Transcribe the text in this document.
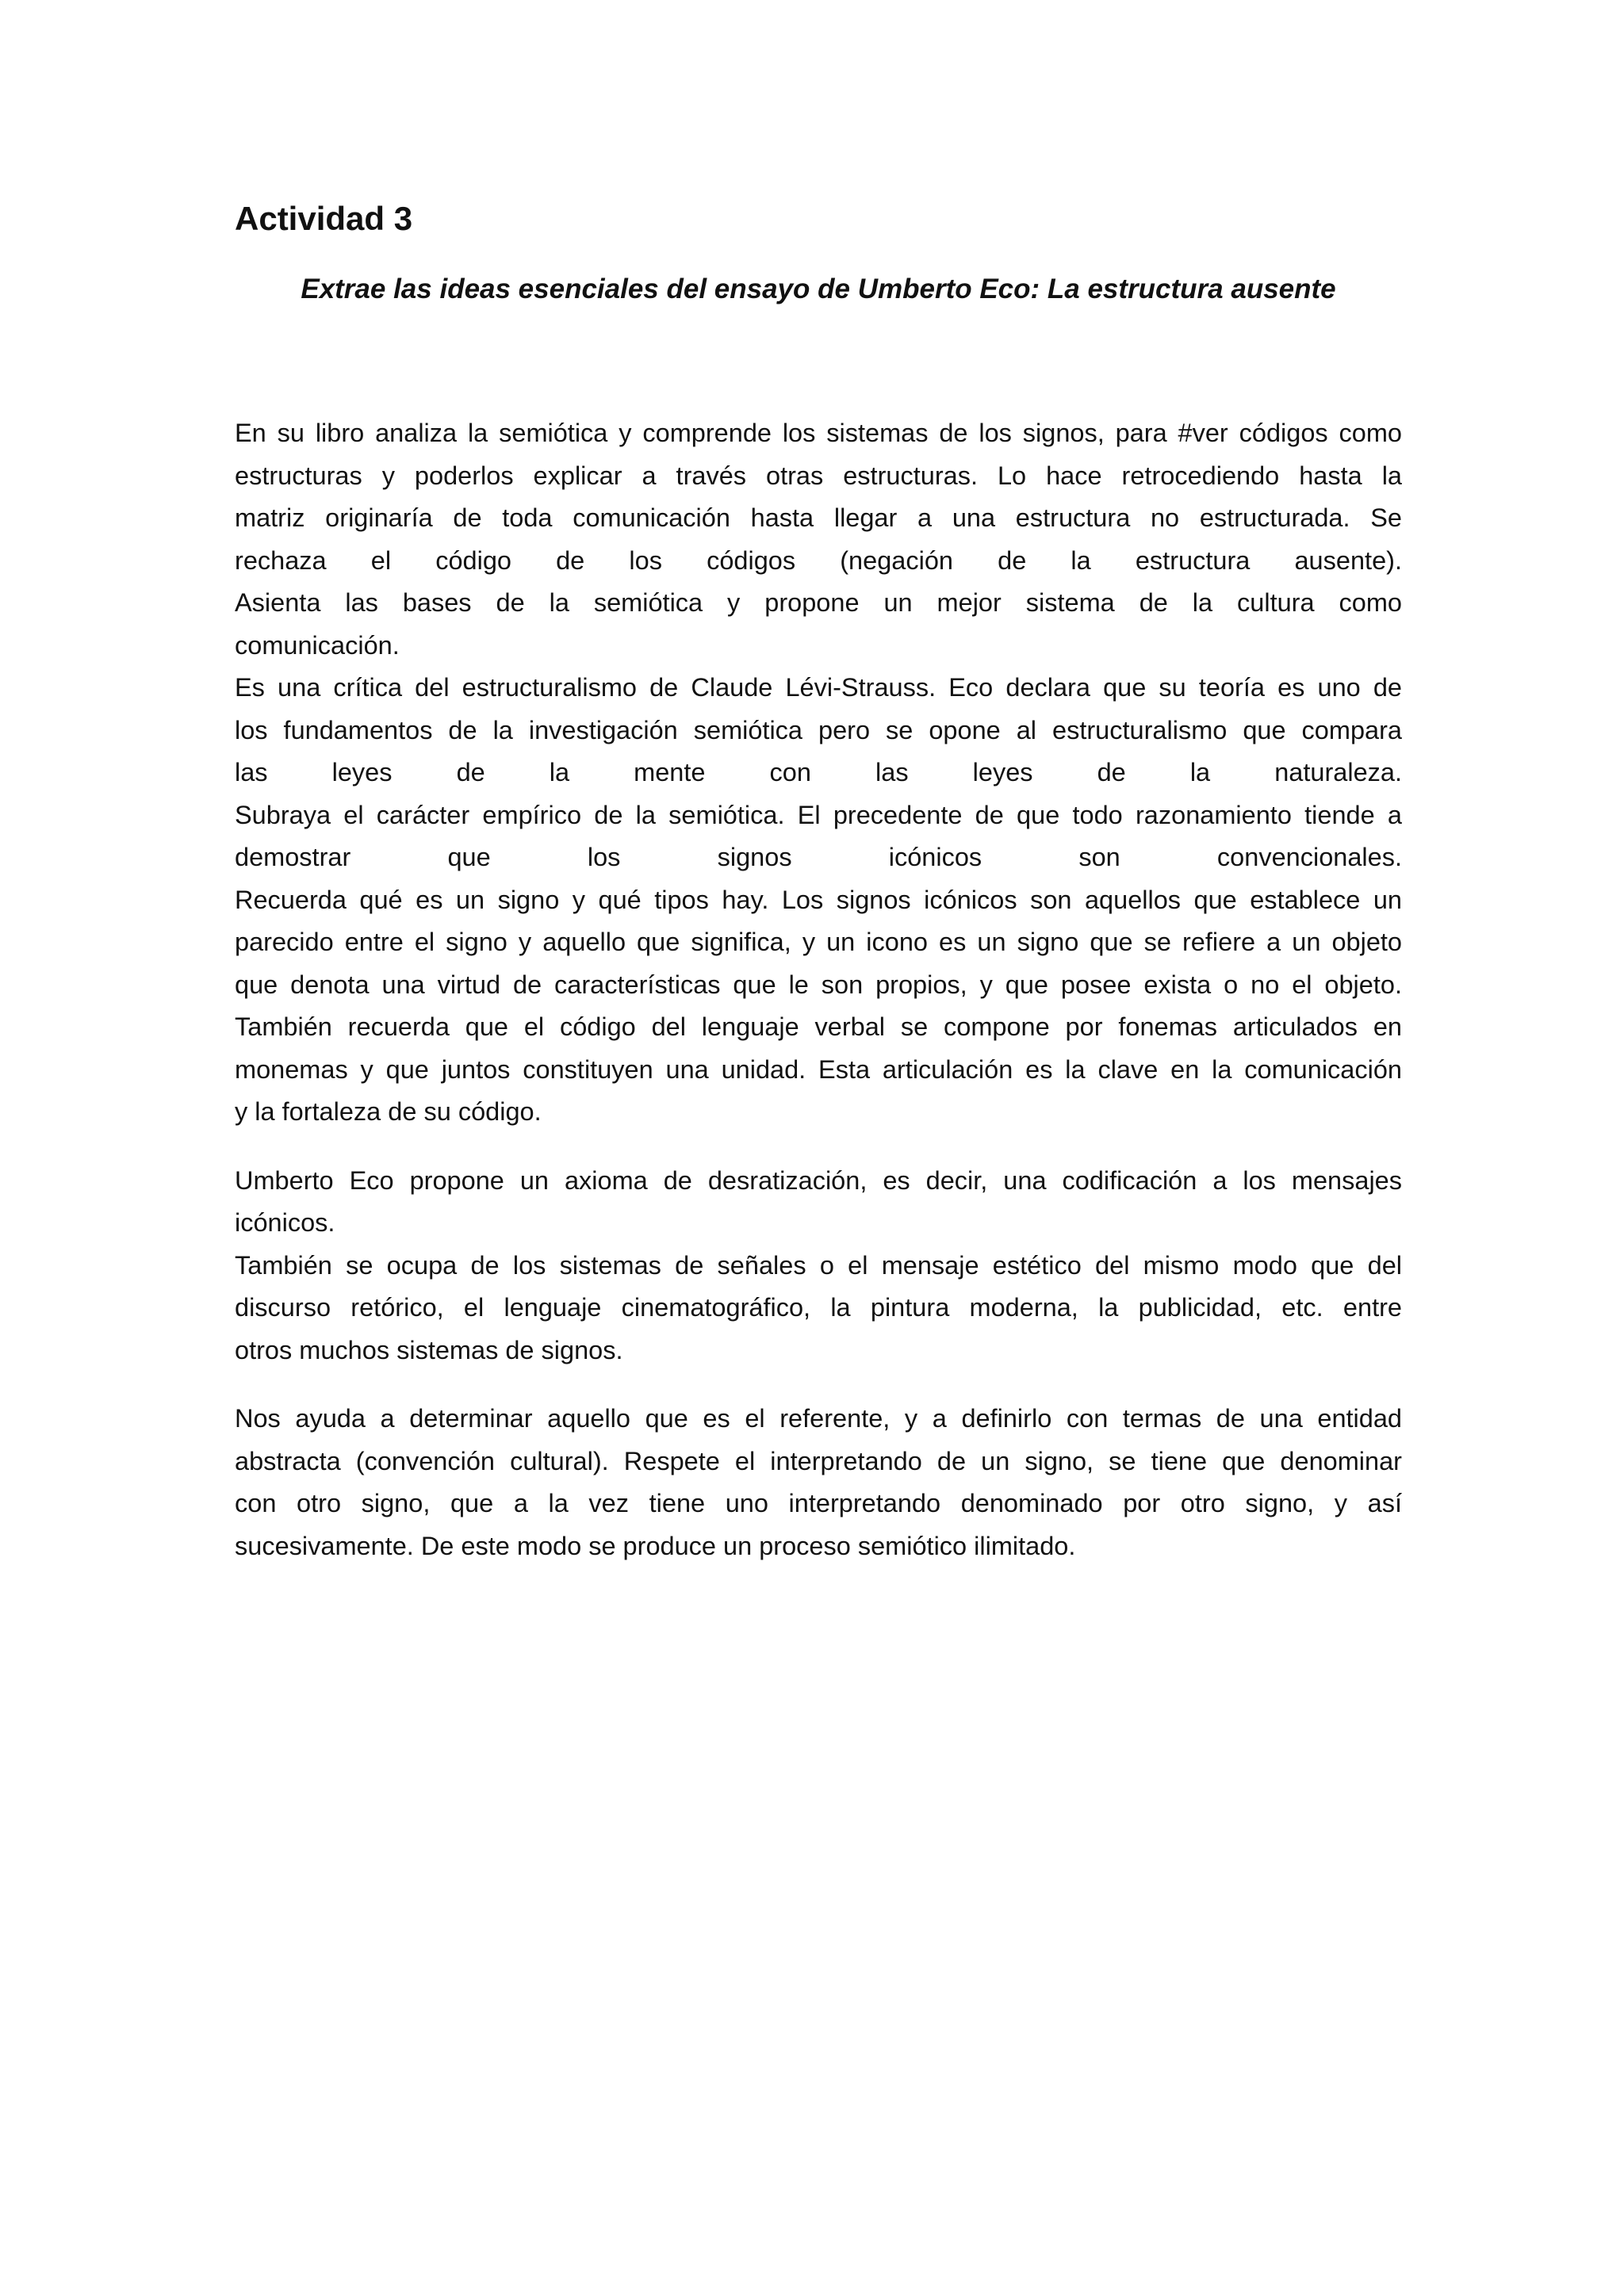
Actividad 3
Extrae las ideas esenciales del ensayo de Umberto Eco: La estructura ausente
En su libro analiza la semiótica y comprende los sistemas de los signos, para #ver códigos como
estructuras y poderlos explicar a través otras estructuras. Lo hace retrocediendo hasta la
matriz originaría de toda comunicación hasta llegar a una estructura no estructurada. Se
rechaza el código de los códigos (negación de la estructura ausente).
Asienta las bases de la semiótica y propone un mejor sistema de la cultura como
comunicación.
Es una crítica del estructuralismo de Claude Lévi-Strauss. Eco declara que su teoría es uno de
los fundamentos de la investigación semiótica pero se opone al estructuralismo que compara
las leyes de la mente con las leyes de la naturaleza.
Subraya el carácter empírico de la semiótica. El precedente de que todo razonamiento tiende a
demostrar que los signos icónicos son convencionales.
Recuerda qué es un signo y qué tipos hay. Los signos icónicos son aquellos que establece un
parecido entre el signo y aquello que significa, y un icono es un signo que se refiere a un objeto
que denota una virtud de características que le son propios, y que posee exista o no el objeto.
También recuerda que el código del lenguaje verbal se compone por fonemas articulados en
monemas y que juntos constituyen una unidad. Esta articulación es la clave en la comunicación
y la fortaleza de su código.
Umberto Eco propone un axioma de desratización, es decir, una codificación a los mensajes
icónicos.
También se ocupa de los sistemas de señales o el mensaje estético del mismo modo que del
discurso retórico, el lenguaje cinematográfico, la pintura moderna, la publicidad, etc. entre
otros muchos sistemas de signos.
Nos ayuda a determinar aquello que es el referente, y a definirlo con termas de una entidad
abstracta (convención cultural). Respete el interpretando de un signo, se tiene que denominar
con otro signo, que a la vez tiene uno interpretando denominado por otro signo, y así
sucesivamente. De este modo se produce un proceso semiótico ilimitado.
